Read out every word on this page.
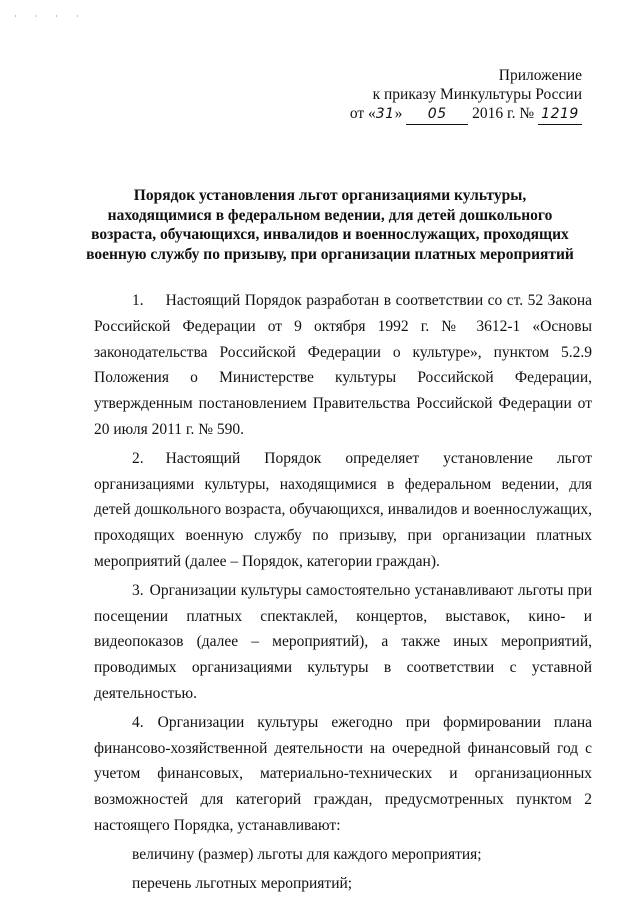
· · · ·
Приложение
к приказу Минкультуры России
от «31» 05 2016 г. № 1219
Порядок установления льгот организациями культуры, находящимися в федеральном ведении, для детей дошкольного возраста, обучающихся, инвалидов и военнослужащих, проходящих военную службу по призыву, при организации платных мероприятий

1. Настоящий Порядок разработан в соответствии со ст. 52 Закона Российской Федерации от 9 октября 1992 г. № 3612-1 «Основы законодательства Российской Федерации о культуре», пунктом 5.2.9 Положения о Министерстве культуры Российской Федерации, утвержденным постановлением Правительства Российской Федерации от 20 июля 2011 г. № 590.

2. Настоящий Порядок определяет установление льгот организациями культуры, находящимися в федеральном ведении, для детей дошкольного возраста, обучающихся, инвалидов и военнослужащих, проходящих военную службу по призыву, при организации платных мероприятий (далее – Порядок, категории граждан).

3. Организации культуры самостоятельно устанавливают льготы при посещении платных спектаклей, концертов, выставок, кино- и видеопоказов (далее – мероприятий), а также иных мероприятий, проводимых организациями культуры в соответствии с уставной деятельностью.

4. Организации культуры ежегодно при формировании плана финансово-хозяйственной деятельности на очередной финансовый год с учетом финансовых, материально-технических и организационных возможностей для категорий граждан, предусмотренных пунктом 2 настоящего Порядка, устанавливают:

величину (размер) льготы для каждого мероприятия;

перечень льготных мероприятий;
